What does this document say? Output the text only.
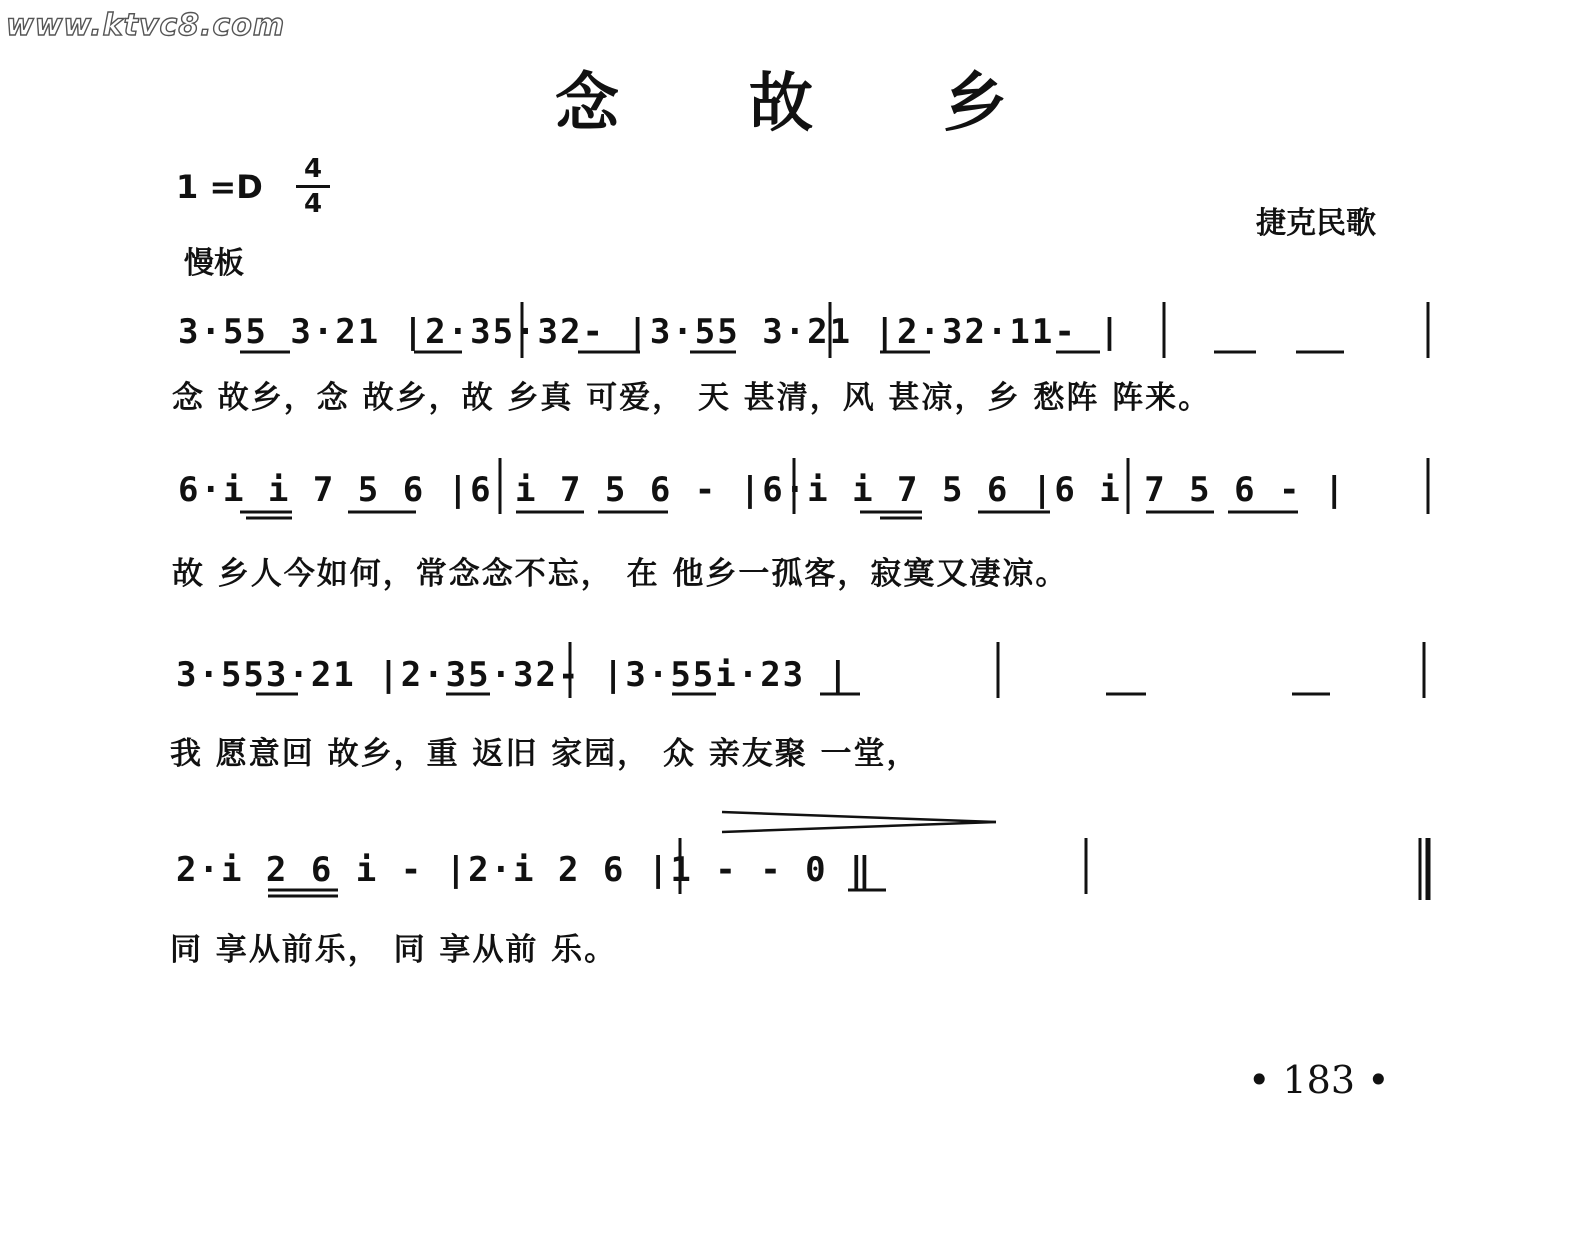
www.ktvc8.com
念故乡
1 =D	4
4
慢板
捷克民歌
3·55 3·21 |2·35·32- |3·55 3·21 |2·32·11- |
念 故乡，念 故乡，故 乡真 可爱， 天 甚清，风 甚凉，乡 愁阵 阵来。
6·i i 7 5 6 |6 i 7 5 6 - |6·i i 7 5 6 |6 i 7 5 6 - |
故 乡人今如何，常念念不忘， 在 他乡一孤客，寂寞又凄凉。
3·553·21 |2·35·32- |3·55i·23 |
我 愿意回 故乡，重 返旧 家园， 众 亲友聚 一堂，
2·i 2 6 i - |2·i 2 6 |1 - - 0 ‖
同 享从前乐， 同 享从前 乐。
• 183 •
